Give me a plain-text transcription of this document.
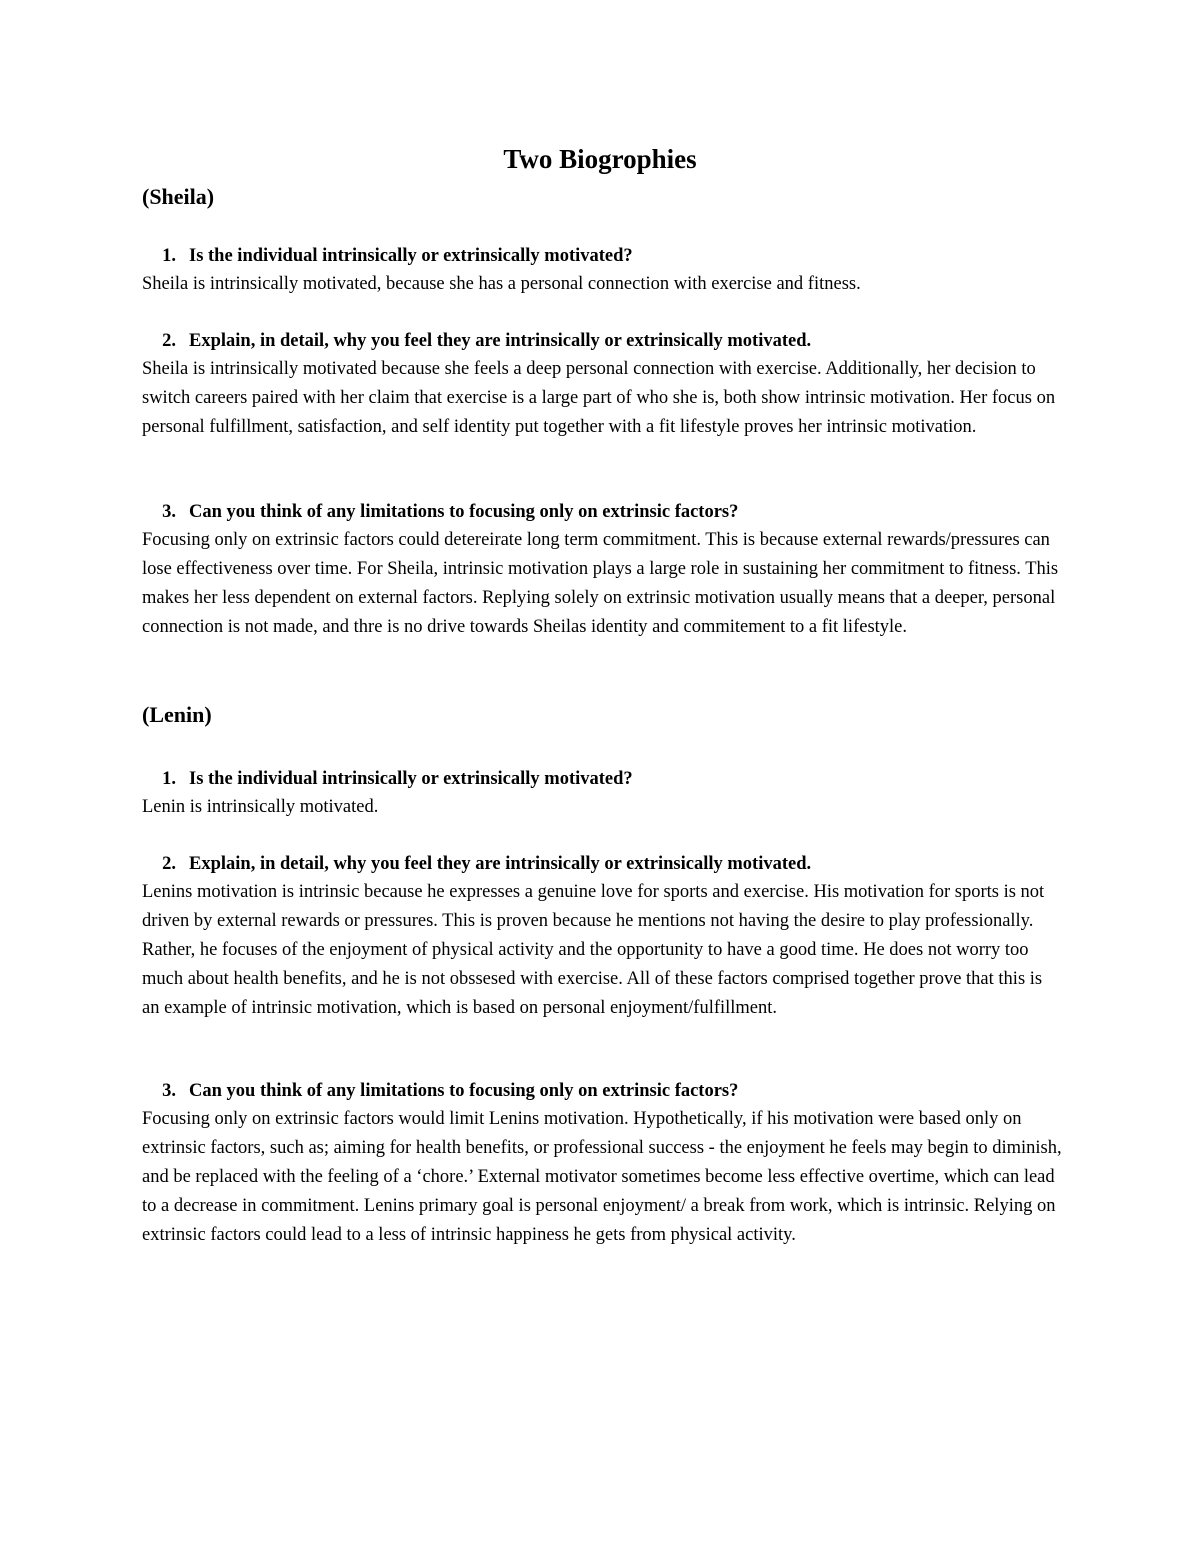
Two Biogrophies
(Sheila)
1. Is the individual intrinsically or extrinsically motivated?

Sheila is intrinsically motivated, because she has a personal connection with exercise and fitness.

2. Explain, in detail, why you feel they are intrinsically or extrinsically motivated.

Sheila is intrinsically motivated because she feels a deep personal connection with exercise. Additionally, her decision to switch careers paired with her claim that exercise is a large part of who she is, both show intrinsic motivation. Her focus on personal fulfillment, satisfaction, and self identity put together with a fit lifestyle proves her intrinsic motivation.

3. Can you think of any limitations to focusing only on extrinsic factors?

Focusing only on extrinsic factors could detereirate long term commitment. This is because external rewards/pressures can lose effectiveness over time. For Sheila, intrinsic motivation plays a large role in sustaining her commitment to fitness. This makes her less dependent on external factors. Replying solely on extrinsic motivation usually means that a deeper, personal connection is not made, and thre is no drive towards Sheilas identity and commitement to a fit lifestyle.

(Lenin)
1. Is the individual intrinsically or extrinsically motivated?

Lenin is intrinsically motivated.

2. Explain, in detail, why you feel they are intrinsically or extrinsically motivated.

Lenins motivation is intrinsic because he expresses a genuine love for sports and exercise. His motivation for sports is not driven by external rewards or pressures. This is proven because he mentions not having the desire to play professionally. Rather, he focuses of the enjoyment of physical activity and the opportunity to have a good time. He does not worry too much about health benefits, and he is not obssesed with exercise. All of these factors comprised together prove that this is an example of intrinsic motivation, which is based on personal enjoyment/fulfillment.

3. Can you think of any limitations to focusing only on extrinsic factors?

Focusing only on extrinsic factors would limit Lenins motivation. Hypothetically, if his motivation were based only on extrinsic factors, such as; aiming for health benefits, or professional success - the enjoyment he feels may begin to diminish, and be replaced with the feeling of a ‘chore.’ External motivator sometimes become less effective overtime, which can lead to a decrease in commitment. Lenins primary goal is personal enjoyment/ a break from work, which is intrinsic. Relying on extrinsic factors could lead to a less of intrinsic happiness he gets from physical activity.
